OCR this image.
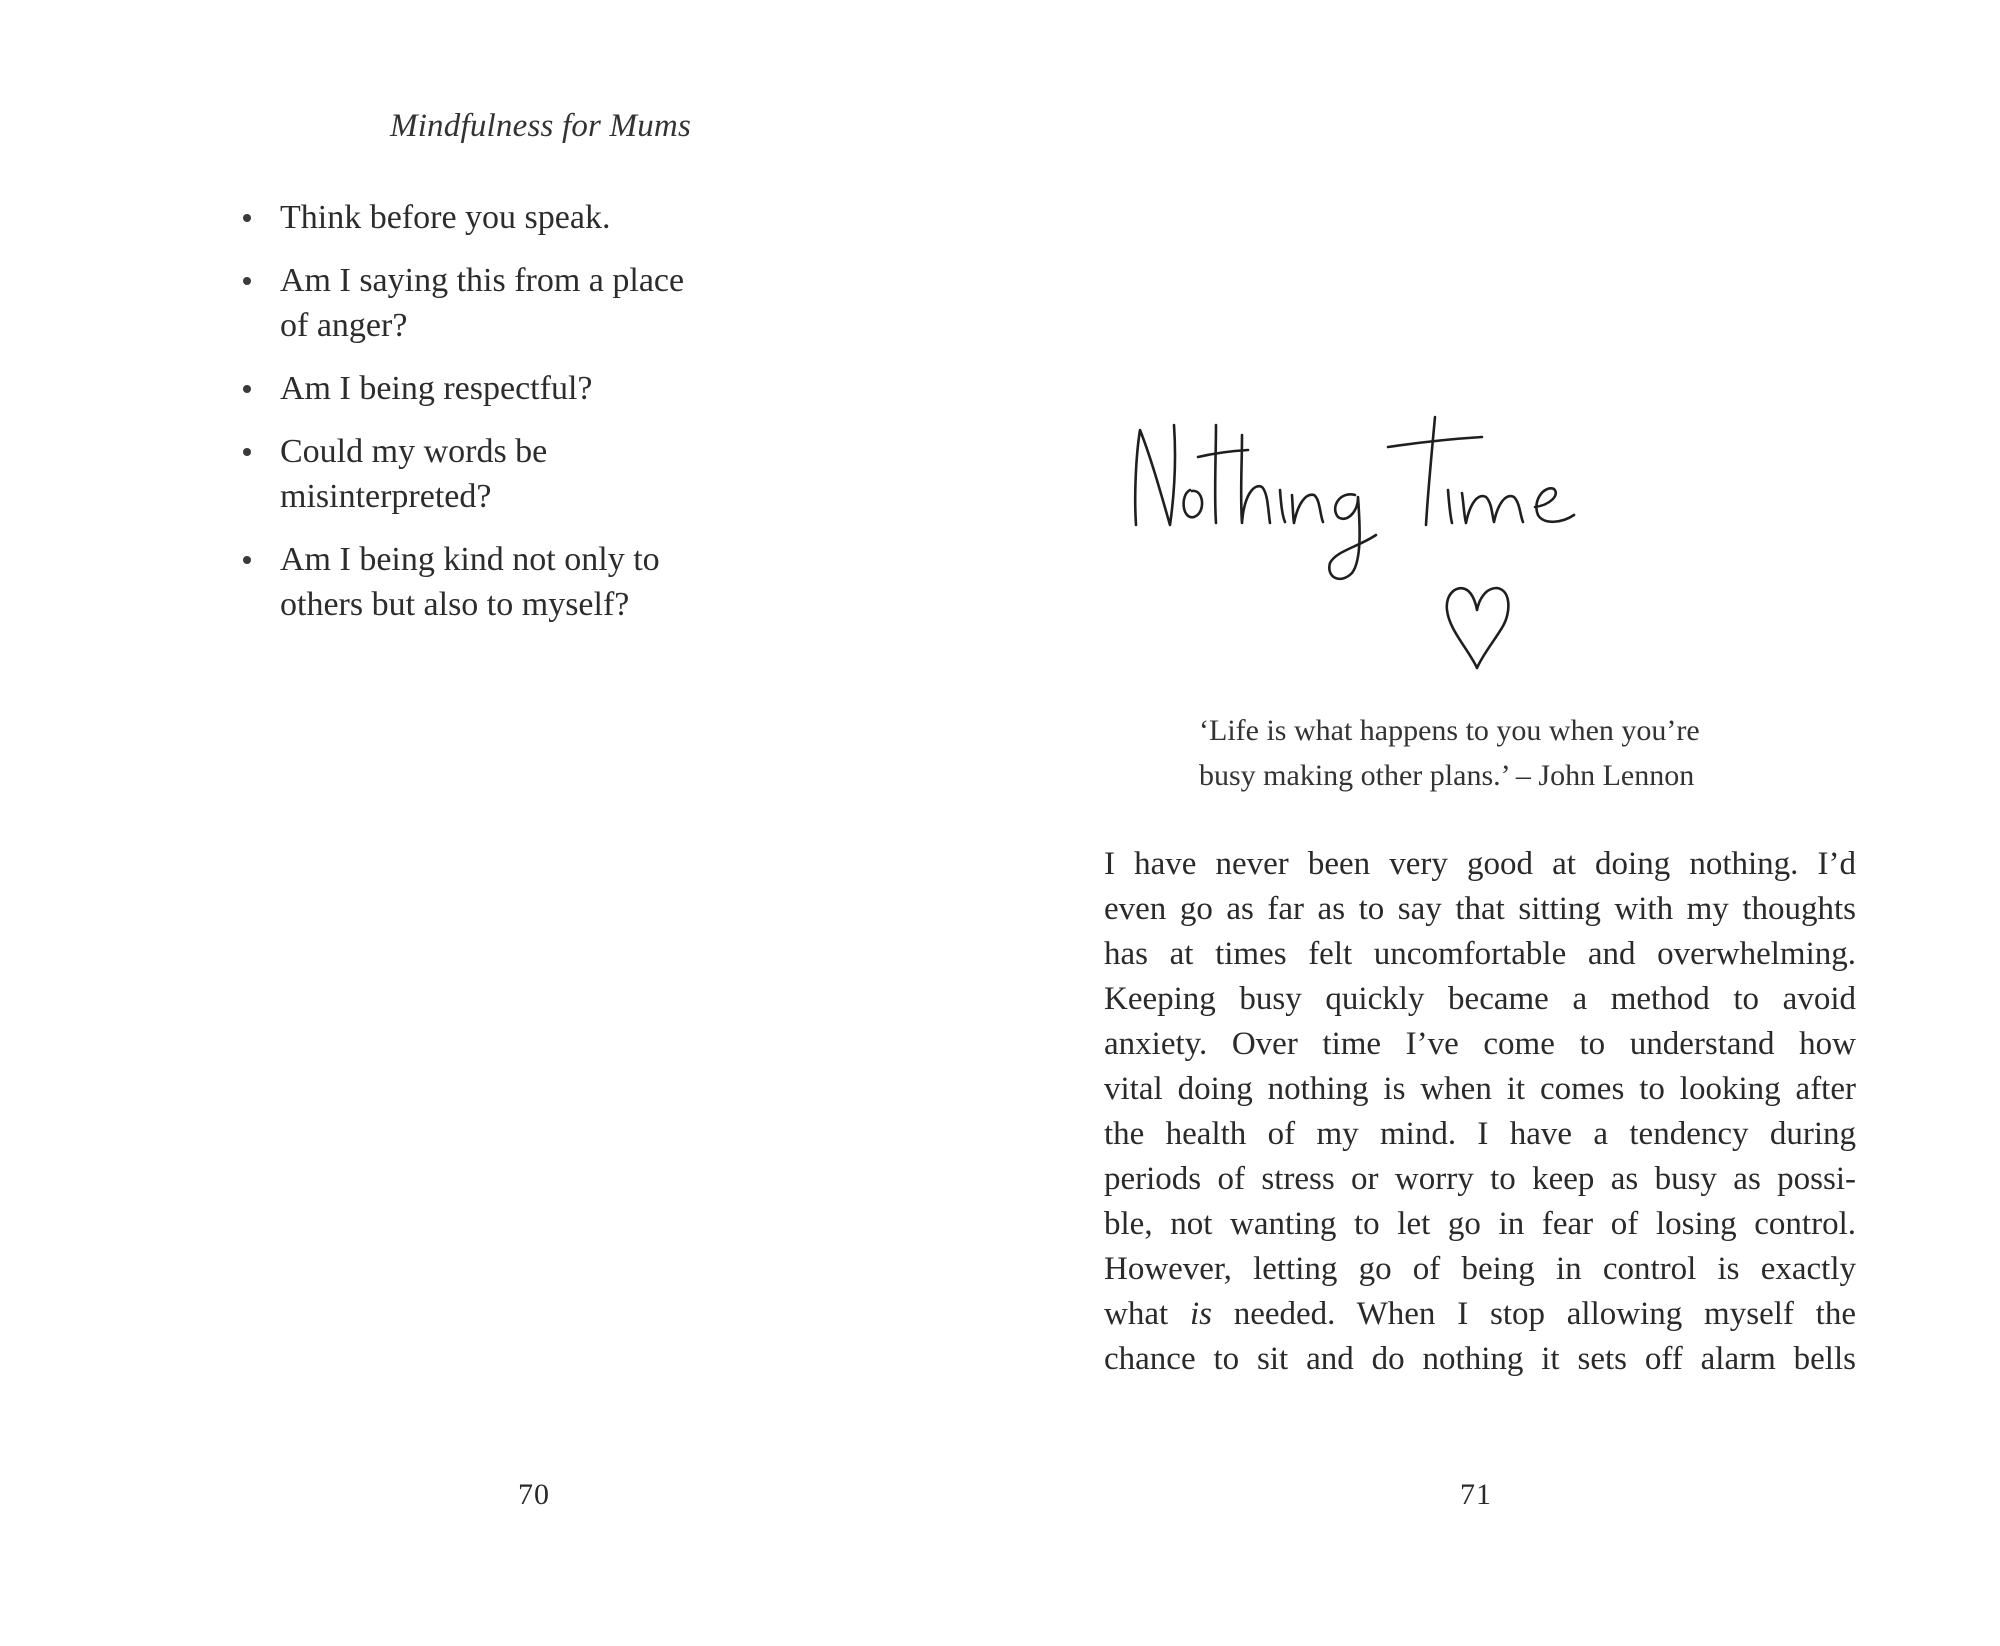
Mindfulness for Mums
Think before you speak.
Am I saying this from a place
of anger?
Am I being respectful?
Could my words be
misinterpreted?
Am I being kind not only to
others but also to myself?
70
‘Life is what happens to you when you’re
busy making other plans.’ – John Lennon
I have never been very good at doing nothing. I’d
even go as far as to say that sitting with my thoughts
has at times felt uncomfortable and overwhelming.
Keeping busy quickly became a method to avoid
anxiety. Over time I’ve come to understand how
vital doing nothing is when it comes to looking after
the health of my mind. I have a tendency during
periods of stress or worry to keep as busy as possi-
ble, not wanting to let go in fear of losing control.
However, letting go of being in control is exactly
what is needed. When I stop allowing myself the
chance to sit and do nothing it sets off alarm bells
71
